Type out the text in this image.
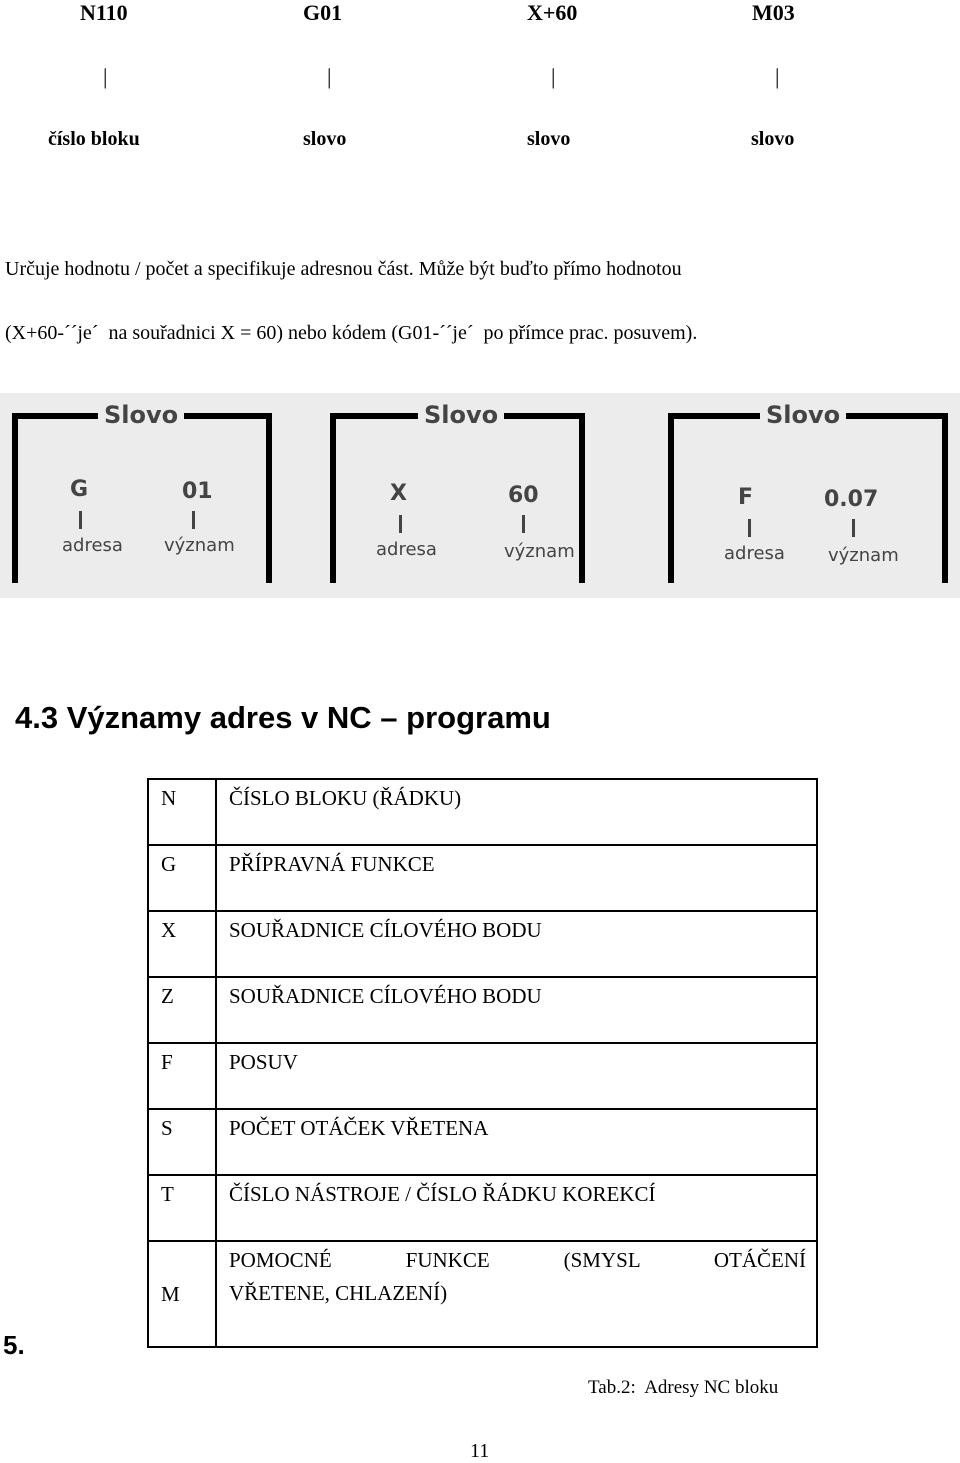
N110	G01	X+60	M03
|	|	|	|
číslo bloku	slovo	slovo	slovo
Určuje hodnotu / počet a specifikuje adresnou část. Může být buďto přímo hodnotou
(X+60-´´je´  na souřadnici X = 60) nebo kódem (G01-´´je´  po přímce prac. posuvem).
Slovo
G	01
adresa význam
Slovo
X	60
adresa	význam
Slovo
F	0.07
adresa význam
4.3 Významy adres v NC – programu
N	ČÍSLO BLOKU (ŘÁDKU)
G	PŘÍPRAVNÁ FUNKCE
X	SOUŘADNICE CÍLOVÉHO BODU
Z	SOUŘADNICE CÍLOVÉHO BODU
F	POSUV
S	POČET OTÁČEK VŘETENA
T	ČÍSLO NÁSTROJE / ČÍSLO ŘÁDKU KOREKCÍ
M	POMOCNÉ FUNKCE (SMYSL OTÁČENÍ
VŘETENE, CHLAZENÍ)
5.
Tab.2:  Adresy NC bloku
11
